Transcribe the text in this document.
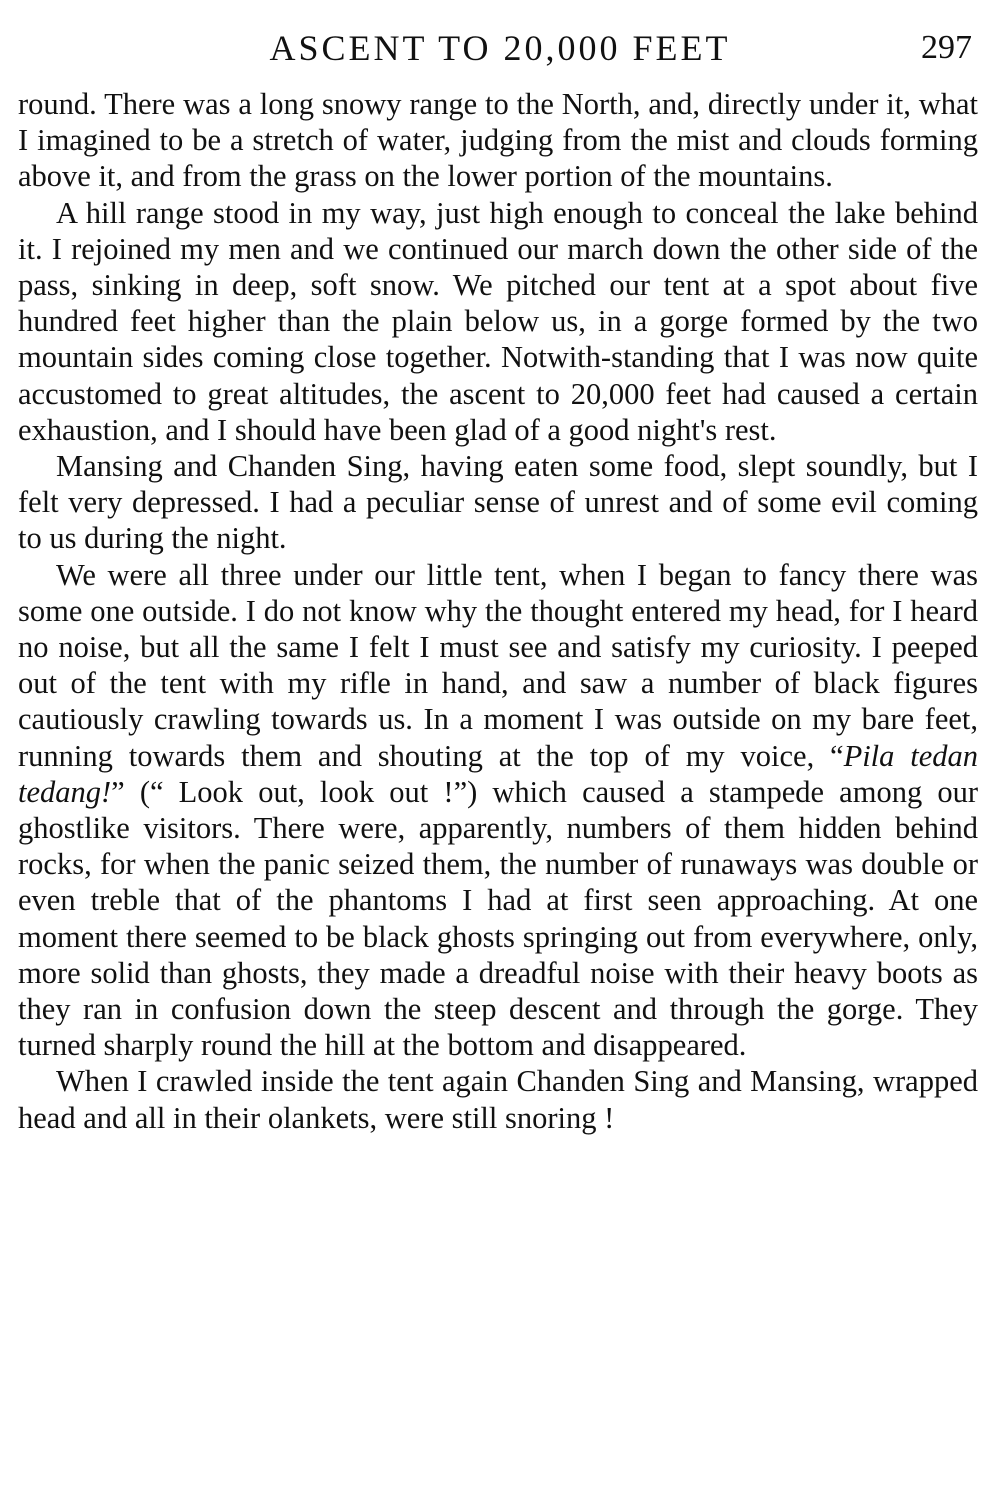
ASCENT TO 20,000 FEET	297

round. There was a long snowy range to the North, and, directly under it, what I imagined to be a stretch of water, judging from the mist and clouds forming above it, and from the grass on the lower portion of the mountains.

A hill range stood in my way, just high enough to conceal the lake behind it. I rejoined my men and we continued our march down the other side of the pass, sinking in deep, soft snow. We pitched our tent at a spot about five hundred feet higher than the plain below us, in a gorge formed by the two mountain sides coming close together. Notwith-standing that I was now quite accustomed to great altitudes, the ascent to 20,000 feet had caused a certain exhaustion, and I should have been glad of a good night's rest.

Mansing and Chanden Sing, having eaten some food, slept soundly, but I felt very depressed. I had a peculiar sense of unrest and of some evil coming to us during the night.

We were all three under our little tent, when I began to fancy there was some one outside. I do not know why the thought entered my head, for I heard no noise, but all the same I felt I must see and satisfy my curiosity. I peeped out of the tent with my rifle in hand, and saw a number of black figures cautiously crawling towards us. In a moment I was outside on my bare feet, running towards them and shouting at the top of my voice, “Pila tedan tedang!” (“ Look out, look out !”) which caused a stampede among our ghostlike visitors. There were, apparently, numbers of them hidden behind rocks, for when the panic seized them, the number of runaways was double or even treble that of the phantoms I had at first seen approaching. At one moment there seemed to be black ghosts springing out from everywhere, only, more solid than ghosts, they made a dreadful noise with their heavy boots as they ran in confusion down the steep descent and through the gorge. They turned sharply round the hill at the bottom and disappeared.

When I crawled inside the tent again Chanden Sing and Mansing, wrapped head and all in their olankets, were still snoring !
